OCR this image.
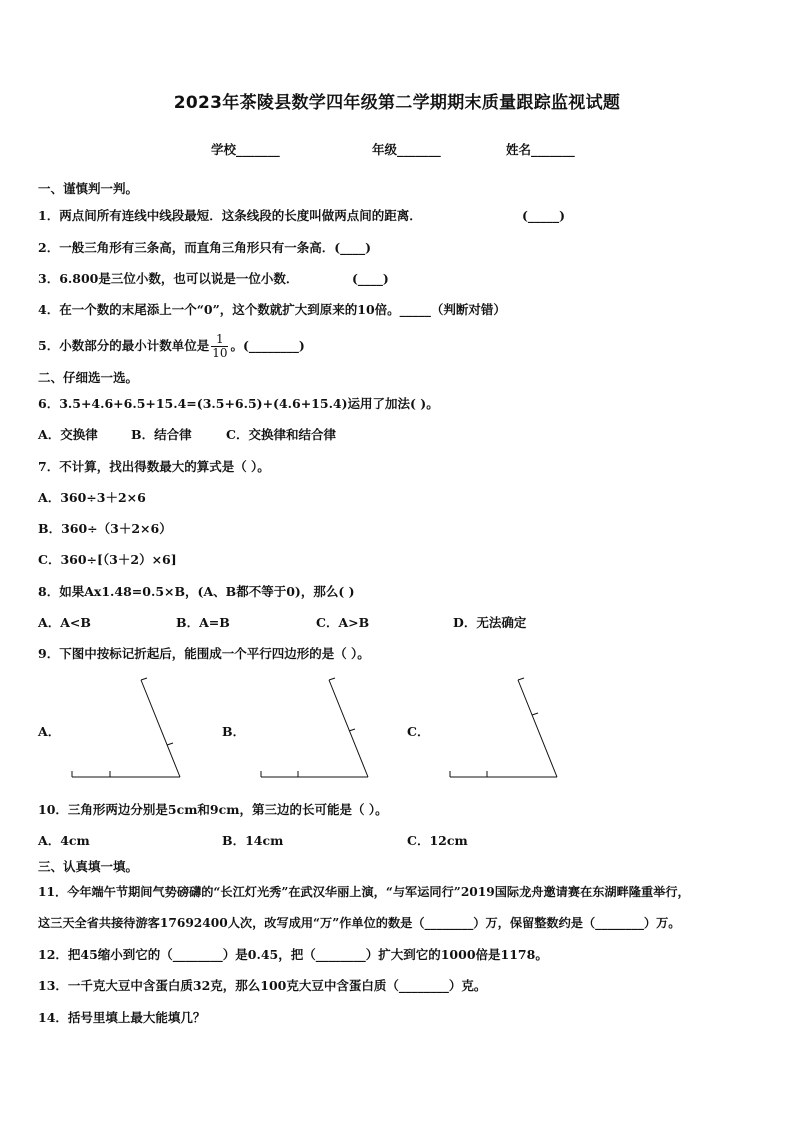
2023年茶陵县数学四年级第二学期期末质量跟踪监视试题
学校_______	年级_______	姓名_______
一、谨慎判一判。
1．两点间所有连线中线段最短．这条线段的长度叫做两点间的距离．	(_____)
2．一般三角形有三条高，而直角三角形只有一条高．(____)
3．6.800是三位小数，也可以说是一位小数．	(____)
4．在一个数的末尾添上一个“0”，这个数就扩大到原来的10倍。_____（判断对错）
5．小数部分的最小计数单位是 $\frac{1}{10}$ 。(________)
二、仔细选一选。
6．3.5+4.6+6.5+15.4=(3.5+6.5)+(4.6+15.4)运用了加法( )。
A．交换律	B．结合律	C．交换律和结合律
7．不计算，找出得数最大的算式是（ ）。
A．360÷3＋2×6
B．360÷（3＋2×6）
C．360÷[（3＋2）×6]
8．如果Ax1.48=0.5×B，(A、B都不等于0)，那么( )
A．A<B	B．A=B	C．A>B	D．无法确定
9．下图中按标记折起后，能围成一个平行四边形的是（ ）。
A．	B．	C．
10．三角形两边分别是5cm和9cm，第三边的长可能是（ ）。
A．4cm	B．14cm	C．12cm
三、认真填一填。
11．今年端午节期间气势磅礴的“长江灯光秀”在武汉华丽上演，“与军运同行”2019国际龙舟邀请赛在东湖畔隆重举行，
这三天全省共接待游客17692400人次，改写成用“万”作单位的数是（________）万，保留整数约是（________）万。
12．把45缩小到它的（________）是0.45，把（________）扩大到它的1000倍是1178。
13．一千克大豆中含蛋白质32克，那么100克大豆中含蛋白质（________）克。
14．括号里填上最大能填几？
